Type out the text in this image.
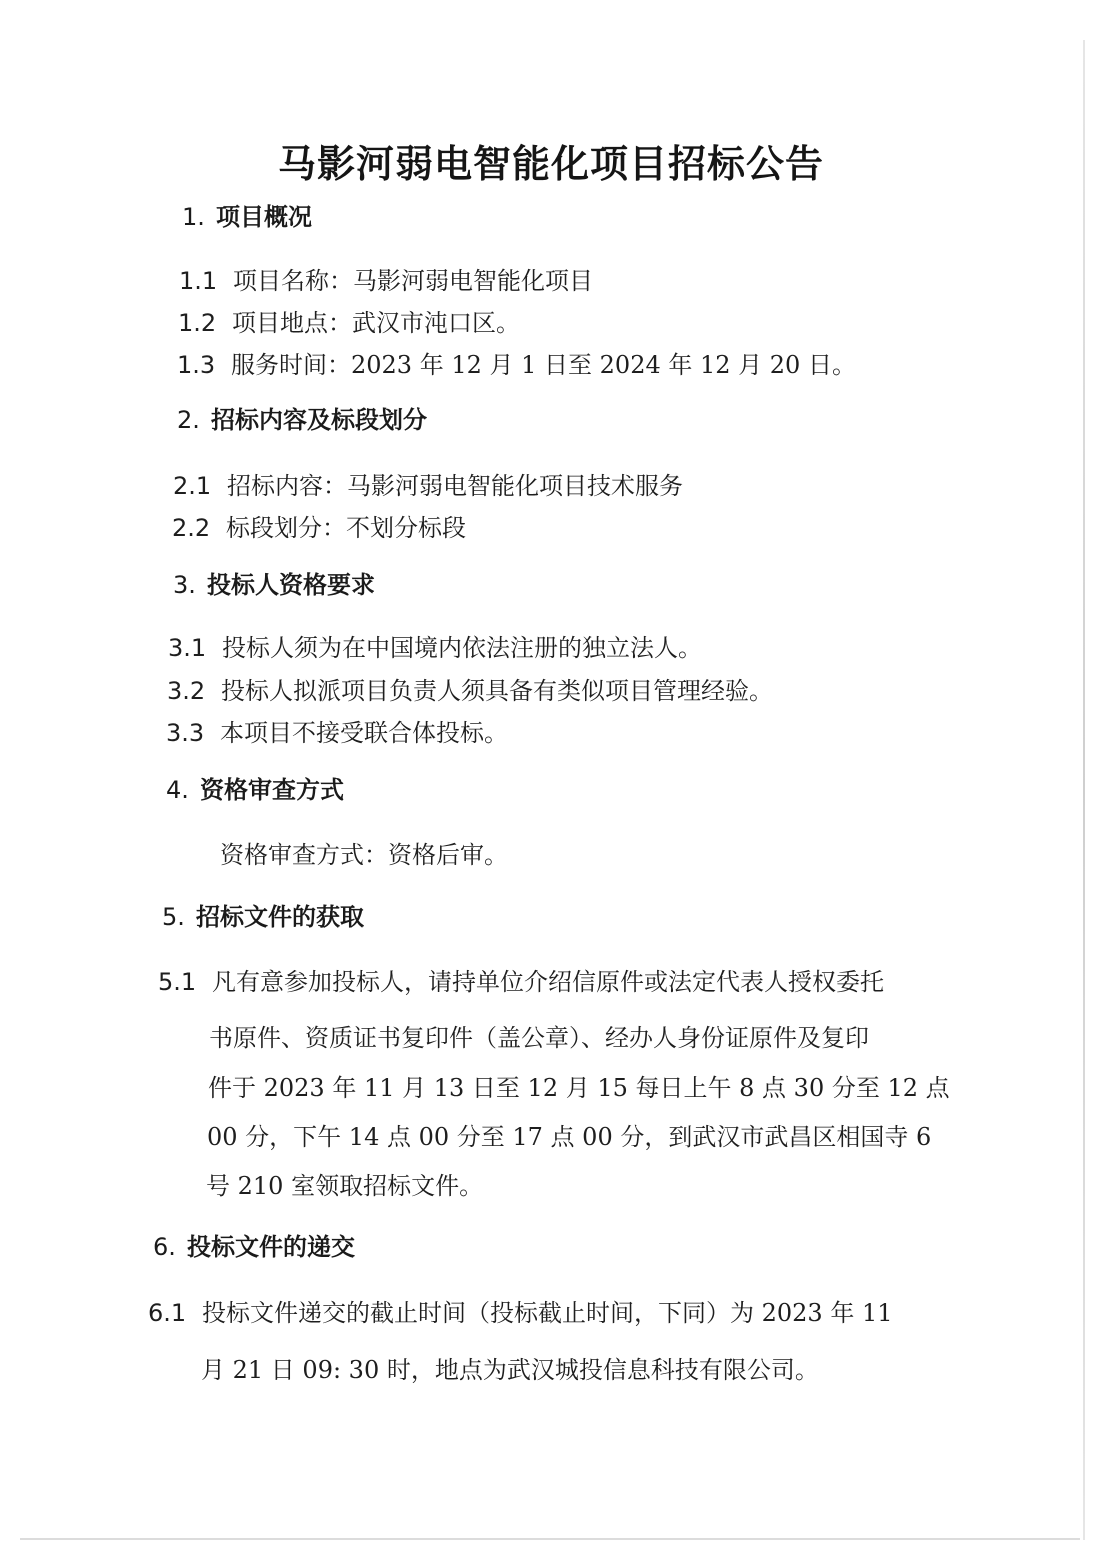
马影河弱电智能化项目招标公告
1. 项目概况
1.1 项目名称：马影河弱电智能化项目
1.2 项目地点：武汉市沌口区。
1.3 服务时间：2023 年 12 月 1 日至 2024 年 12 月 20 日。
2. 招标内容及标段划分
2.1 招标内容：马影河弱电智能化项目技术服务
2.2 标段划分：不划分标段
3. 投标人资格要求
3.1 投标人须为在中国境内依法注册的独立法人。
3.2 投标人拟派项目负责人须具备有类似项目管理经验。
3.3 本项目不接受联合体投标。
4. 资格审查方式
资格审查方式：资格后审。
5. 招标文件的获取
5.1 凡有意参加投标人，请持单位介绍信原件或法定代表人授权委托
书原件、资质证书复印件（盖公章）、经办人身份证原件及复印
件于 2023 年 11 月 13 日至 12 月 15 每日上午 8 点 30 分至 12 点
00 分，下午 14 点 00 分至 17 点 00 分，到武汉市武昌区相国寺 6
号 210 室领取招标文件。
6. 投标文件的递交
6.1 投标文件递交的截止时间（投标截止时间，下同）为 2023 年 11
月 21 日 09: 30 时，地点为武汉城投信息科技有限公司。
